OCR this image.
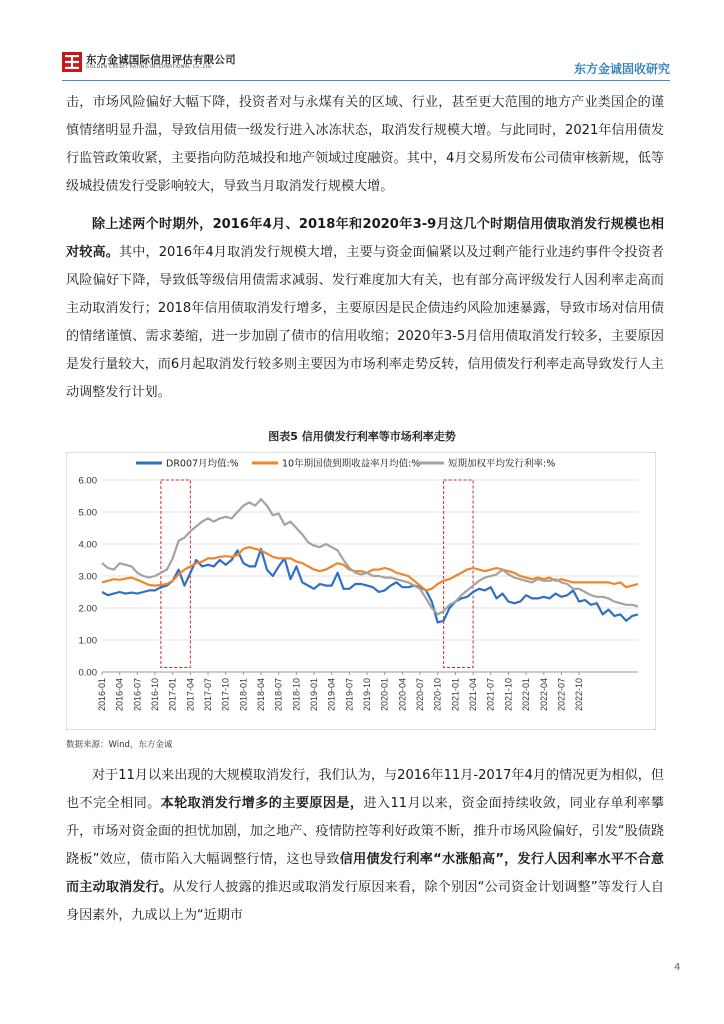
东方金诚国际信用评估有限公司
GOLDEN CREDIT RATING INTERNATIONAL Co.,Ltd.	东方金诚固收研究

击，市场风险偏好大幅下降，投资者对与永煤有关的区域、行业，甚至更大范围的地方产业类国企的谨慎情绪明显升温，导致信用债一级发行进入冰冻状态，取消发行规模大增。与此同时，2021年信用债发行监管政策收紧，主要指向防范城投和地产领域过度融资。其中，4月交易所发布公司债审核新规，低等级城投债发行受影响较大，导致当月取消发行规模大增。

除上述两个时期外，2016年4月、2018年和2020年3-9月这几个时期信用债取消发行规模也相对较高。其中，2016年4月取消发行规模大增，主要与资金面偏紧以及过剩产能行业违约事件令投资者风险偏好下降，导致低等级信用债需求减弱、发行难度加大有关，也有部分高评级发行人因利率走高而主动取消发行；2018年信用债取消发行增多，主要原因是民企债违约风险加速暴露，导致市场对信用债的情绪谨慎、需求萎缩，进一步加剧了债市的信用收缩；2020年3-5月信用债取消发行较多，主要原因是发行量较大，而6月起取消发行较多则主要因为市场利率走势反转，信用债发行利率走高导致发行人主动调整发行计划。

图表5 信用债发行利率等市场利率走势
DR007月均值:%	10年期国债到期收益率月均值:%	短期加权平均发行利率:%
0.00
1.00
2.00
3.00
4.00
5.00
6.00
2016-01 2016-04 2016-07 2016-10 2017-01 2017-04 2017-07 2017-10 2018-01 2018-04 2018-07 2018-10 2019-01 2019-04 2019-07 2019-10 2020-01 2020-04 2020-07 2020-10 2021-01 2021-04 2021-07 2021-10 2022-01 2022-04 2022-07 2022-10
数据来源：Wind，东方金诚

对于11月以来出现的大规模取消发行，我们认为，与2016年11月-2017年4月的情况更为相似，但也不完全相同。本轮取消发行增多的主要原因是，进入11月以来，资金面持续收敛，同业存单利率攀升，市场对资金面的担忧加剧，加之地产、疫情防控等利好政策不断，推升市场风险偏好，引发“股债跷跷板”效应，债市陷入大幅调整行情，这也导致信用债发行利率“水涨船高”，发行人因利率水平不合意而主动取消发行。从发行人披露的推迟或取消发行原因来看，除个别因“公司资金计划调整”等发行人自身因素外，九成以上为“近期市

4
